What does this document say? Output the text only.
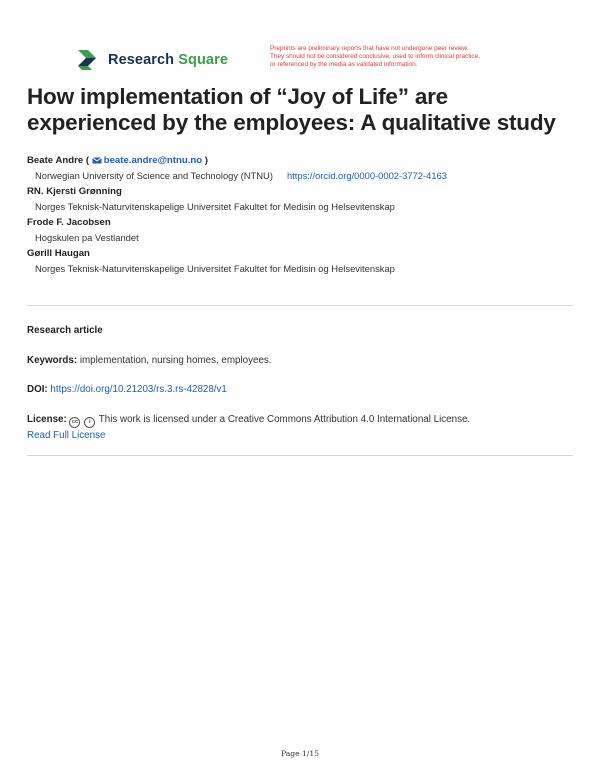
Research Square
Preprints are preliminary reports that have not undergone peer review.
They should not be considered conclusive, used to inform clinical practice,
or referenced by the media as validated information.
How implementation of “Joy of Life” are experienced by the employees: A qualitative study
Beate Andre ( beate.andre@ntnu.no )
Norwegian University of Science and Technology (NTNU) https://orcid.org/0000-0002-3772-4163
RN. Kjersti Grønning
Norges Teknisk-Naturvitenskapelige Universitet Fakultet for Medisin og Helsevitenskap
Frode F. Jacobsen
Hogskulen pa Vestlandet
Gørill Haugan
Norges Teknisk-Naturvitenskapelige Universitet Fakultet for Medisin og Helsevitenskap
Research article
Keywords: implementation, nursing homes, employees.
DOI: https://doi.org/10.21203/rs.3.rs-42828/v1
License: cc i This work is licensed under a Creative Commons Attribution 4.0 International License.
Read Full License
Page 1/15
